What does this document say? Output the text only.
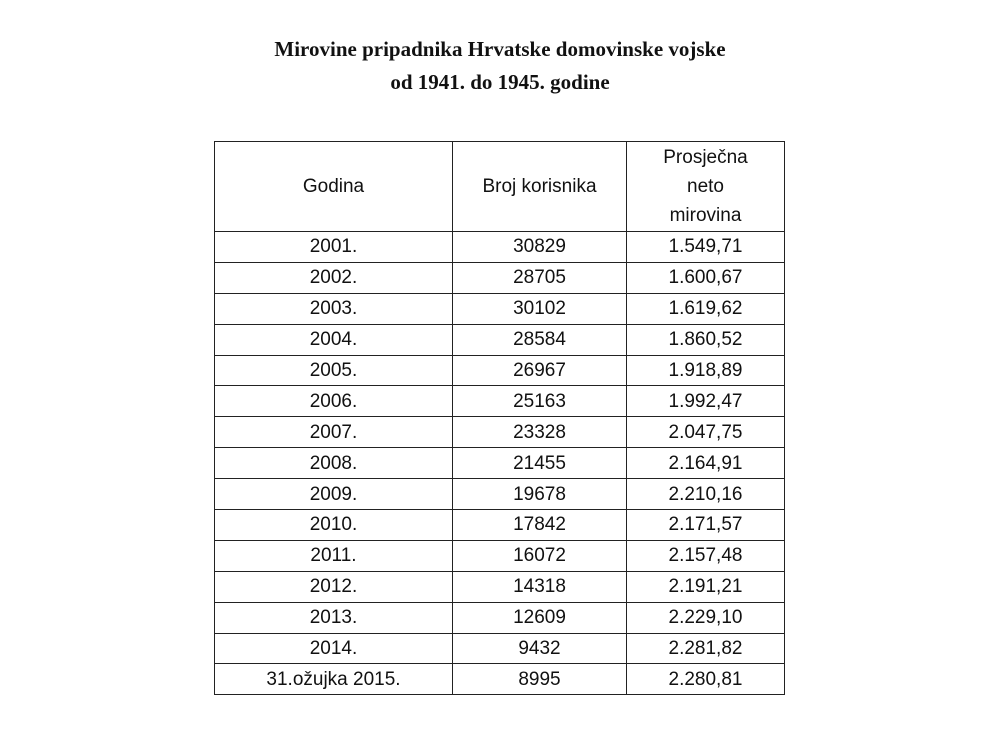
Mirovine pripadnika Hrvatske domovinske vojske
od 1941. do 1945. godine
Godina	Broj korisnika	Prosječna
neto
mirovina

2001.	30829	1.549,71
2002.	28705	1.600,67
2003.	30102	1.619,62
2004.	28584	1.860,52
2005.	26967	1.918,89
2006.	25163	1.992,47
2007.	23328	2.047,75
2008.	21455	2.164,91
2009.	19678	2.210,16
2010.	17842	2.171,57
2011.	16072	2.157,48
2012.	14318	2.191,21
2013.	12609	2.229,10
2014.	9432	2.281,82
31.ožujka 2015.	8995	2.280,81
